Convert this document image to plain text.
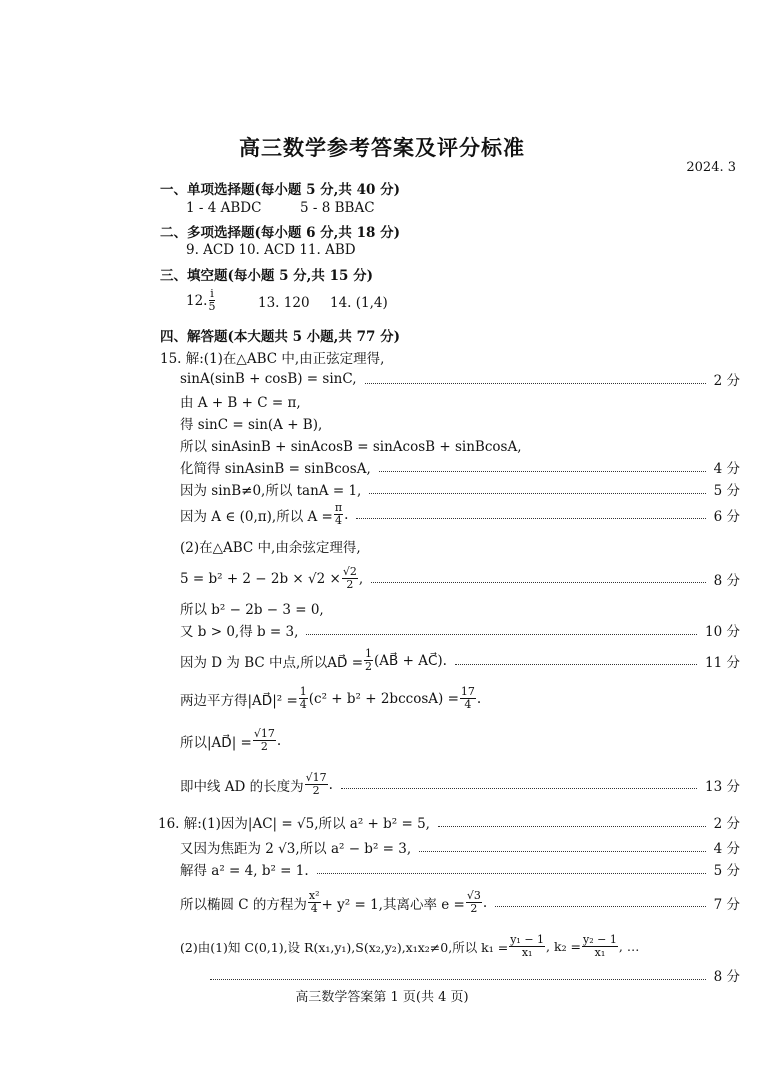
高三数学参考答案及评分标准
2024. 3
一、单项选择题(每小题 5 分,共 40 分)
1 - 4 ABDC	5 - 8 BBAC
二、多项选择题(每小题 6 分,共 18 分)
9. ACD 10. ACD 11. ABD
三、填空题(每小题 5 分,共 15 分)
12. $\frac{i}{5}$	13. 120 14. (1,4)
四、解答题(本大题共 5 小题,共 77 分)
15. 解:(1)在△ABC 中,由正弦定理得,
sinA(sinB + cosB) = sinC,	2 分
由 A + B + C = π,
得 sinC = sin(A + B),
所以 sinAsinB + sinAcosB = sinAcosB + sinBcosA,
化简得 sinAsinB = sinBcosA,	4 分
因为 sinB≠0,所以 tanA = 1,	5 分
因为 A ∈ (0,π),所以 $A = \frac{\pi}{4}$ .	6 分
(2)在△ABC 中,由余弦定理得,
$5 = b^2 + 2 - 2b \times √2 \times \frac{√2}{2}$ ,	8 分
所以 b² − 2b − 3 = 0,
又 b > 0,得 b = 3,	10 分
因为 D 为 BC 中点,所以AD⃗ = $\frac{1}{2}$ (AB⃗ + AC⃗).	11 分
两边平方得|AD⃗|² = $\frac{1}{4} (c^2 + b^2 + 2bccosA) = \frac{17}{4}$ .
所以|AD⃗| = $\frac{√17}{2}$ .
即中线 AD 的长度为 $\frac{√17}{2}$ .	13 分
16. 解:(1)因为|AC| = √5,所以 a² + b² = 5,	2 分
又因为焦距为 2 √3,所以 a² − b² = 3,	4 分
解得 a² = 4, b² = 1.	5 分
所以椭圆 C 的方程为 $\frac{\text{x²}}{4} + y^2 = 1$,其离心率 $e = \frac{√3}{2}$ .	7 分
(2)由(1)知 C(0,1),设 R(x₁,y₁),S(x₂,y₂),x₁x₂≠0,所以 $k_1 = \frac{\text{y₁ − 1}}{\text{x₁}}$ , $k_2 = \frac{\text{y₂ − 1}}{\text{x₁}}$ , …
8 分
高三数学答案第 1 页(共 4 页)
